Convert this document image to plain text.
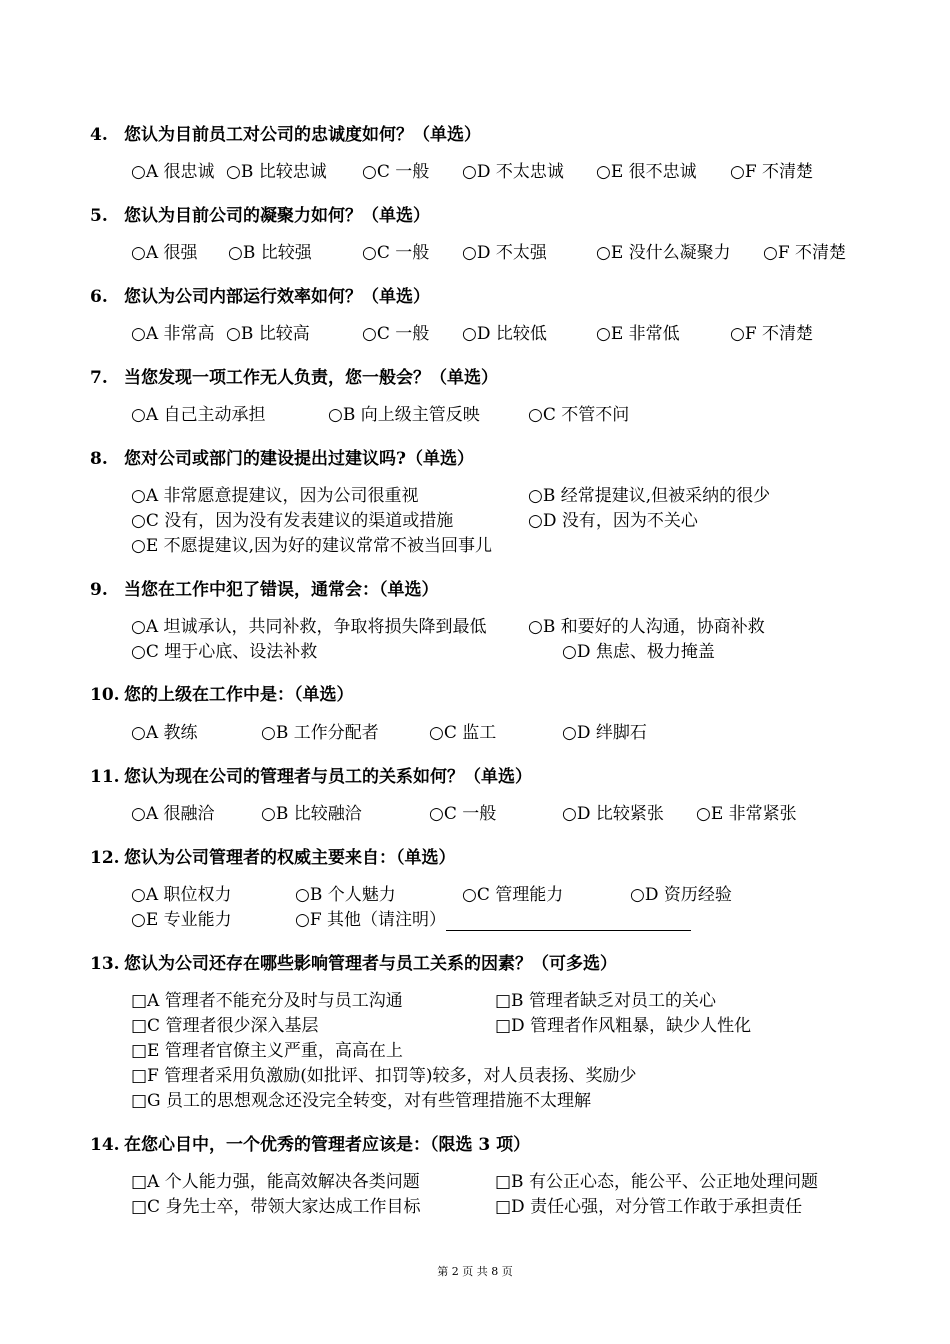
4. 您认为目前员工对公司的忠诚度如何？（单选）
○A 很忠诚 ○B 比较忠诚 ○C 一般 ○D 不太忠诚 ○E 很不忠诚 ○F 不清楚
5. 您认为目前公司的凝聚力如何？（单选）
○A 很强 ○B 比较强	○C 一般 ○D 不太强	○E 没什么凝聚力 ○F 不清楚
6. 您认为公司内部运行效率如何？（单选）
○A 非常高 ○B 比较高	○C 一般 ○D 比较低	○E 非常低	○F 不清楚
7. 当您发现一项工作无人负责，您一般会？（单选）
○A 自己主动承担	○B 向上级主管反映	○C 不管不问
8. 您对公司或部门的建设提出过建议吗?（单选）
○A 非常愿意提建议，因为公司很重视	○B 经常提建议,但被采纳的很少
○C 没有，因为没有发表建议的渠道或措施	○D 没有，因为不关心
○E 不愿提建议,因为好的建议常常不被当回事儿
9. 当您在工作中犯了错误，通常会：（单选）
○A 坦诚承认，共同补救，争取将损失降到最低 ○B 和要好的人沟通，协商补救
○C 埋于心底、设法补救	○D 焦虑、极力掩盖
10. 您的上级在工作中是：（单选）
○A 教练	○B 工作分配者	○C 监工	○D 绊脚石
11. 您认为现在公司的管理者与员工的关系如何？（单选）
○A 很融洽	○B 比较融洽	○C 一般	○D 比较紧张 ○E 非常紧张
12. 您认为公司管理者的权威主要来自：（单选）
○A 职位权力	○B 个人魅力	○C 管理能力	○D 资历经验
○E 专业能力	○F 其他（请注明）
13. 您认为公司还存在哪些影响管理者与员工关系的因素？（可多选）
□A 管理者不能充分及时与员工沟通	□B 管理者缺乏对员工的关心
□C 管理者很少深入基层	□D 管理者作风粗暴，缺少人性化
□E 管理者官僚主义严重，高高在上
□F 管理者采用负激励(如批评、扣罚等)较多，对人员表扬、奖励少
□G 员工的思想观念还没完全转变，对有些管理措施不太理解
14. 在您心目中，一个优秀的管理者应该是：（限选 3 项）
□A 个人能力强，能高效解决各类问题	□B 有公正心态，能公平、公正地处理问题
□C 身先士卒，带领大家达成工作目标	□D 责任心强，对分管工作敢于承担责任
第 2 页 共 8 页
